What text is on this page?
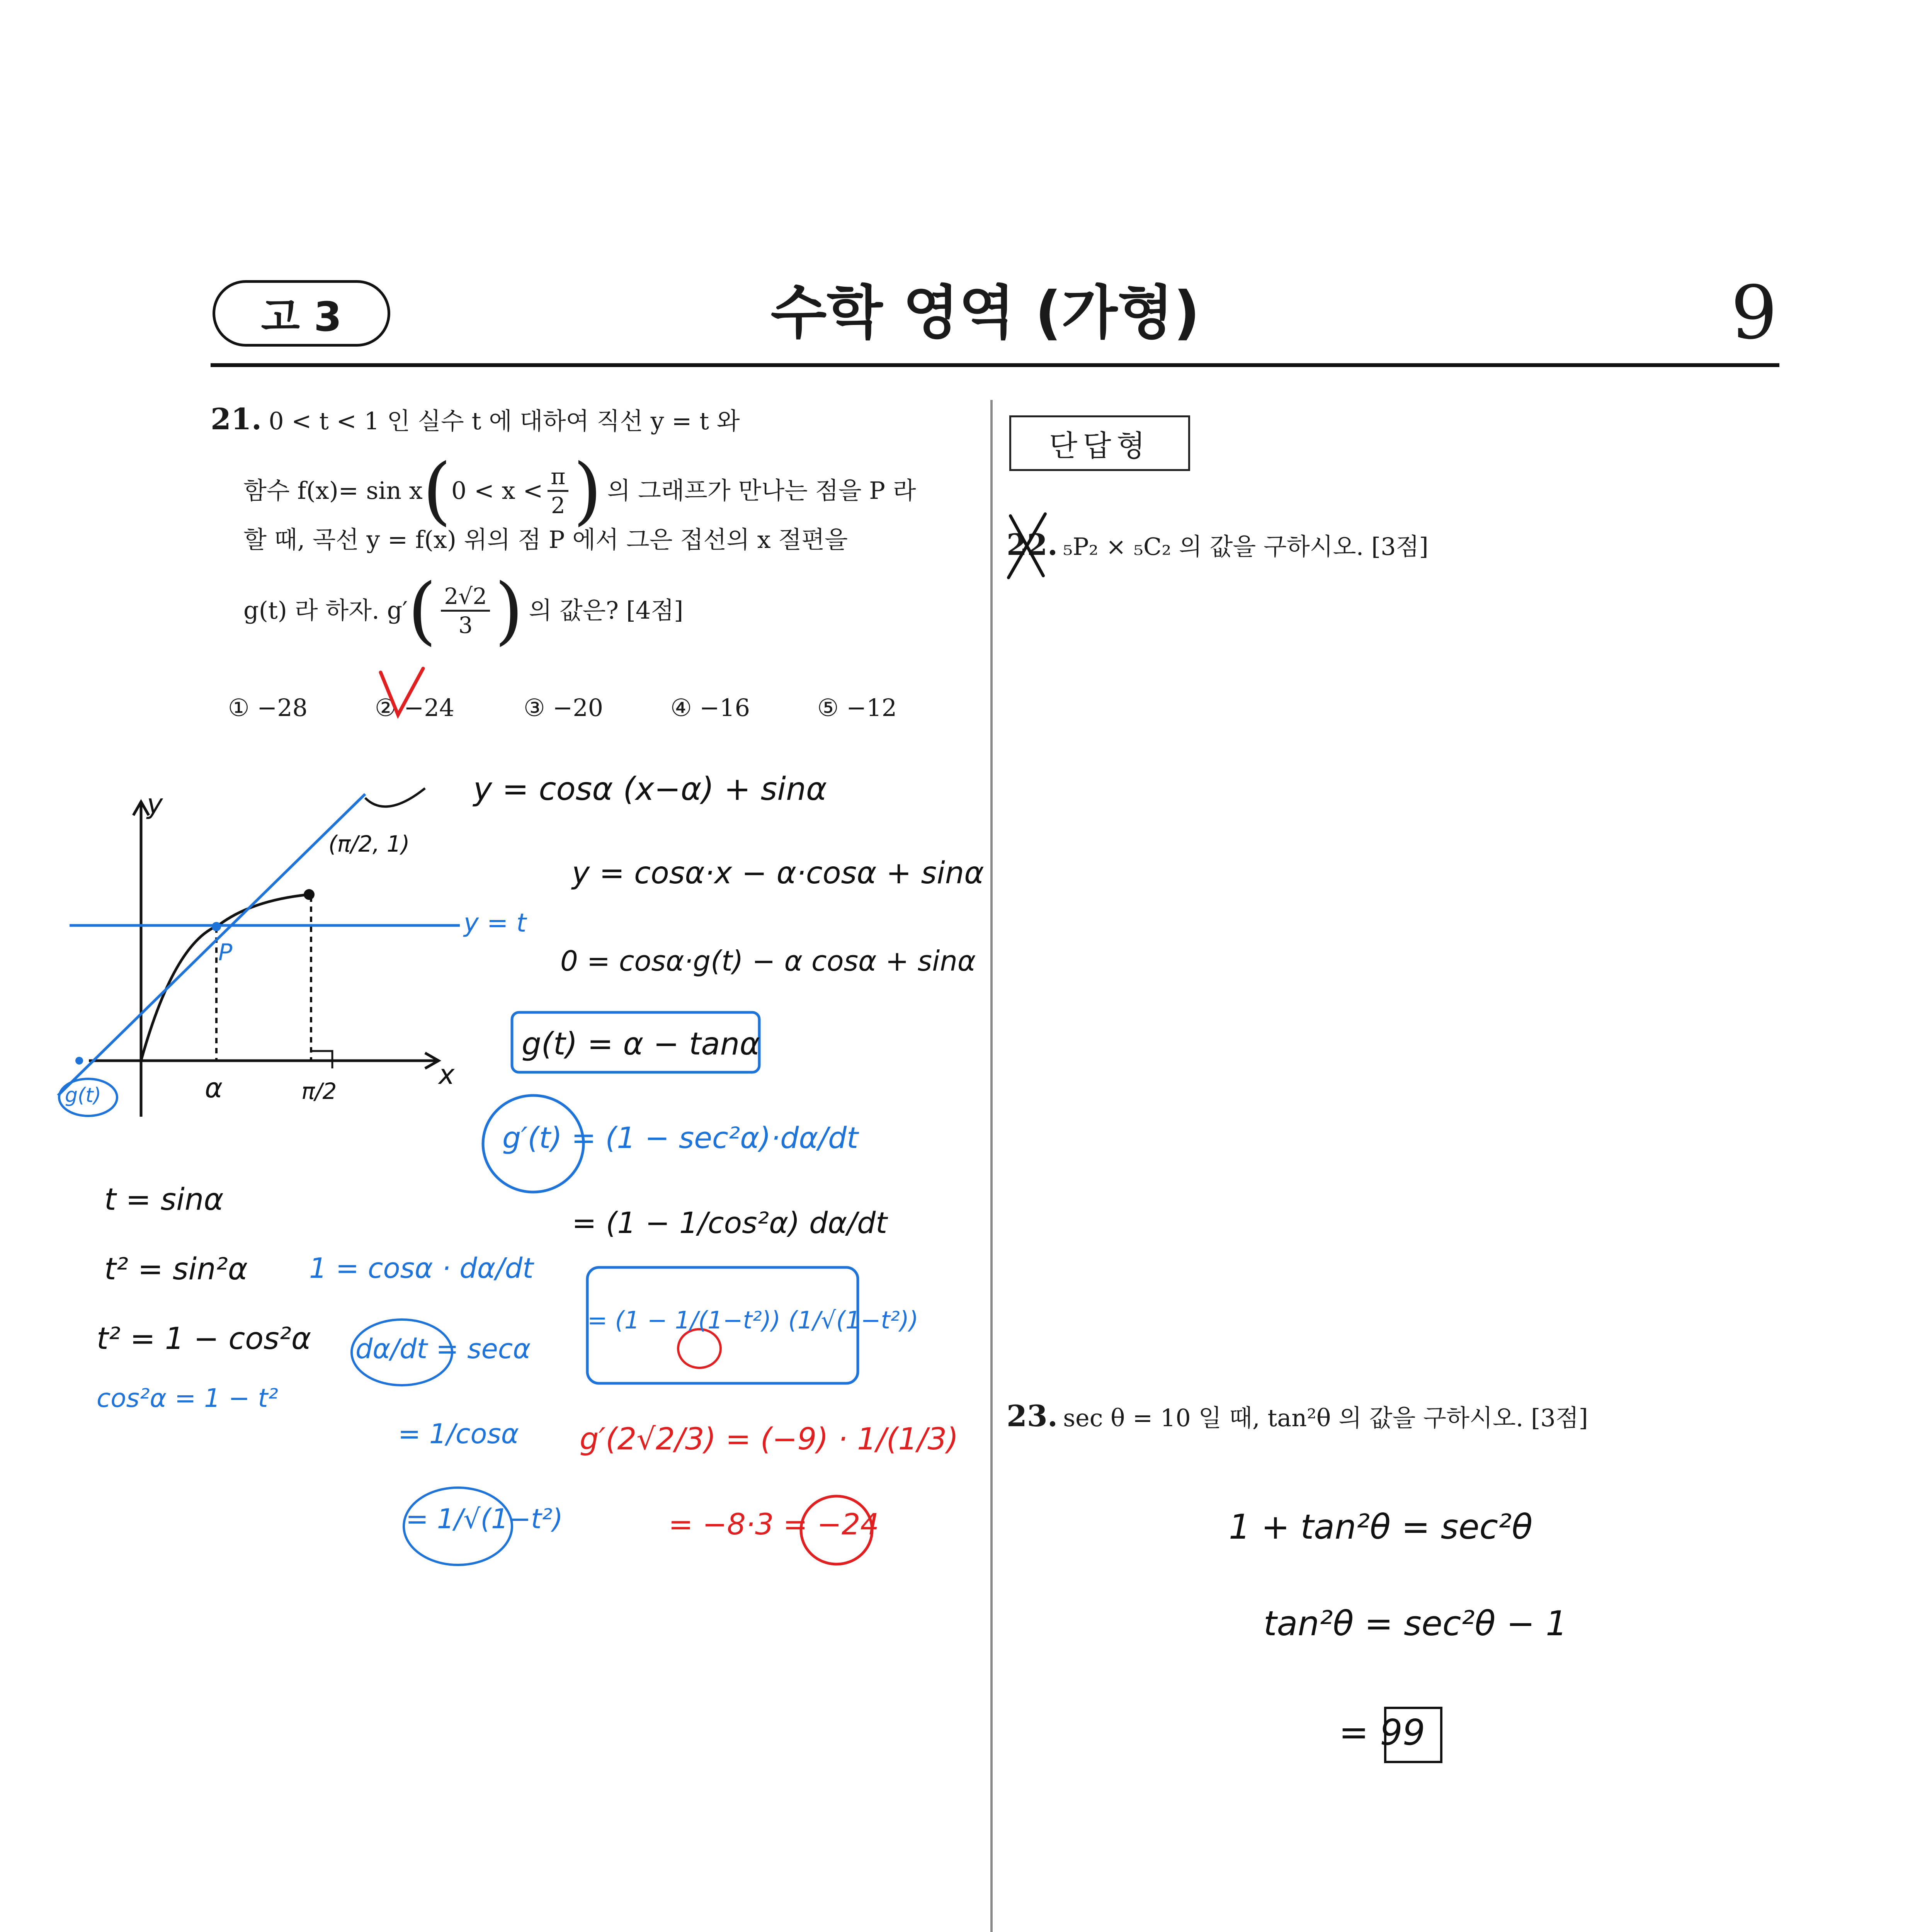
고 3	수학 영역 (가형)	9
21. 0 < t < 1 인 실수 t 에 대하여 직선 y = t 와
함수 f(x)= sin x ( $0 < x < \frac{\pi}{2}$ ) 의 그래프가 만나는 점을 P 라
할 때, 곡선 y = f(x) 위의 점 P 에서 그은 접선의 x 절편을
g(t) 라 하자. g′ ( $\frac{2√2}{3}$ ) 의 값은? [4점]
① −28	② −24	③ −20	④ −16	⑤ −12
단답형
22. ₅P₂ × ₅C₂ 의 값을 구하시오. [3점]
23. sec θ = 10 일 때, tan²θ 의 값을 구하시오. [3점]
y
x
(π/2, 1)
y = t
P
g(t)	α	π/2
y = cosα (x−α) + sinα
y = cosα·x − α·cosα + sinα
0 = cosα·g(t) − α cosα + sinα
g(t) = α − tanα
g′(t) = (1 − sec²α)·dα/dt
= (1 − 1/cos²α) dα/dt
= (1 − 1/(1−t²)) (1/√(1−t²))
t = sinα
t² = sin²α
t² = 1 − cos²α
cos²α = 1 − t²
1 = cosα · dα/dt
dα/dt = secα
= 1/cosα
= 1/√(1−t²)
g′(2√2/3) = (−9) · 1/(1/3)
= −8·3 = −24	1 + tan²θ = sec²θ
tan²θ = sec²θ − 1
= 99
